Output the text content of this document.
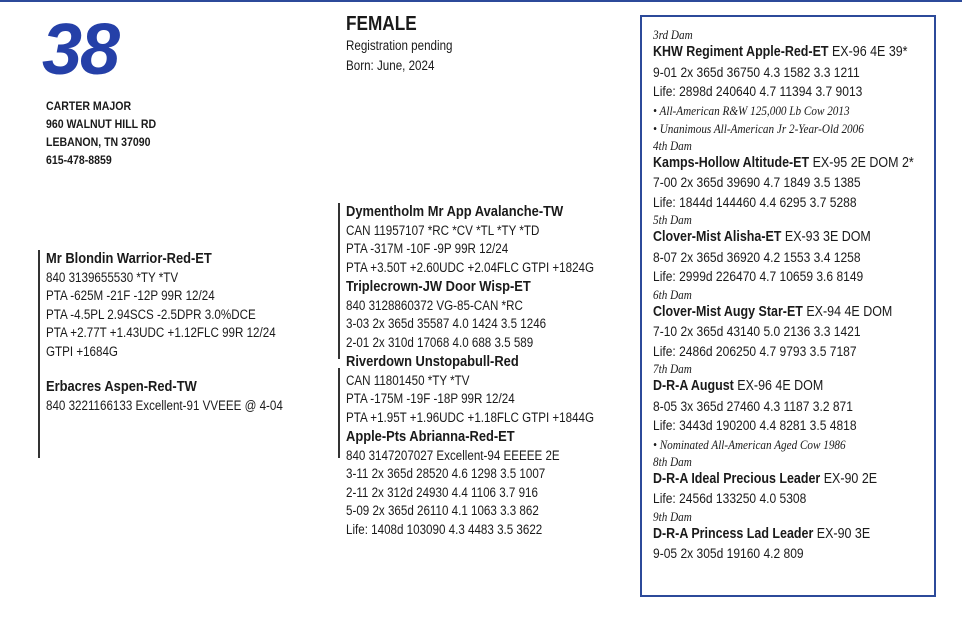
38
CARTER MAJOR
960 WALNUT HILL RD
LEBANON, TN 37090
615-478-8859
FEMALE
Registration pending
Born: June, 2024
Mr Blondin Warrior-Red-ET
840 3139655530 *TY *TV
PTA -625M -21F -12P 99R 12/24
PTA -4.5PL 2.94SCS -2.5DPR 3.0%DCE
PTA +2.77T +1.43UDC +1.12FLC 99R 12/24
GTPI +1684G
Erbacres Aspen-Red-TW
840 3221166133 Excellent-91 VVEEE @ 4-04
Dymentholm Mr App Avalanche-TW
CAN 11957107 *RC *CV *TL *TY *TD
PTA -317M -10F -9P 99R 12/24
PTA +3.50T +2.60UDC +2.04FLC GTPI +1824G
Triplecrown-JW Door Wisp-ET
840 3128860372 VG-85-CAN *RC
3-03 2x 365d 35587 4.0 1424 3.5 1246
2-01 2x 310d 17068 4.0 688 3.5 589
Riverdown Unstopabull-Red
CAN 11801450 *TY *TV
PTA -175M -19F -18P 99R 12/24
PTA +1.95T +1.96UDC +1.18FLC GTPI +1844G
Apple-Pts Abrianna-Red-ET
840 3147207027 Excellent-94 EEEEE 2E
3-11 2x 365d 28520 4.6 1298 3.5 1007
2-11 2x 312d 24930 4.4 1106 3.7 916
5-09 2x 365d 26110 4.1 1063 3.3 862
Life: 1408d 103090 4.3 4483 3.5 3622
3rd Dam
KHW Regiment Apple-Red-ET EX-96 4E 39*
9-01 2x 365d 36750 4.3 1582 3.3 1211
Life: 2898d 240640 4.7 11394 3.7 9013
• All-American R&W 125,000 Lb Cow 2013
• Unanimous All-American Jr 2-Year-Old 2006
4th Dam
Kamps-Hollow Altitude-ET EX-95 2E DOM 2*
7-00 2x 365d 39690 4.7 1849 3.5 1385
Life: 1844d 144460 4.4 6295 3.7 5288
5th Dam
Clover-Mist Alisha-ET EX-93 3E DOM
8-07 2x 365d 36920 4.2 1553 3.4 1258
Life: 2999d 226470 4.7 10659 3.6 8149
6th Dam
Clover-Mist Augy Star-ET EX-94 4E DOM
7-10 2x 365d 43140 5.0 2136 3.3 1421
Life: 2486d 206250 4.7 9793 3.5 7187
7th Dam
D-R-A August EX-96 4E DOM
8-05 3x 365d 27460 4.3 1187 3.2 871
Life: 3443d 190200 4.4 8281 3.5 4818
• Nominated All-American Aged Cow 1986
8th Dam
D-R-A Ideal Precious Leader EX-90 2E
Life: 2456d 133250 4.0 5308
9th Dam
D-R-A Princess Lad Leader EX-90 3E
9-05 2x 305d 19160 4.2 809
